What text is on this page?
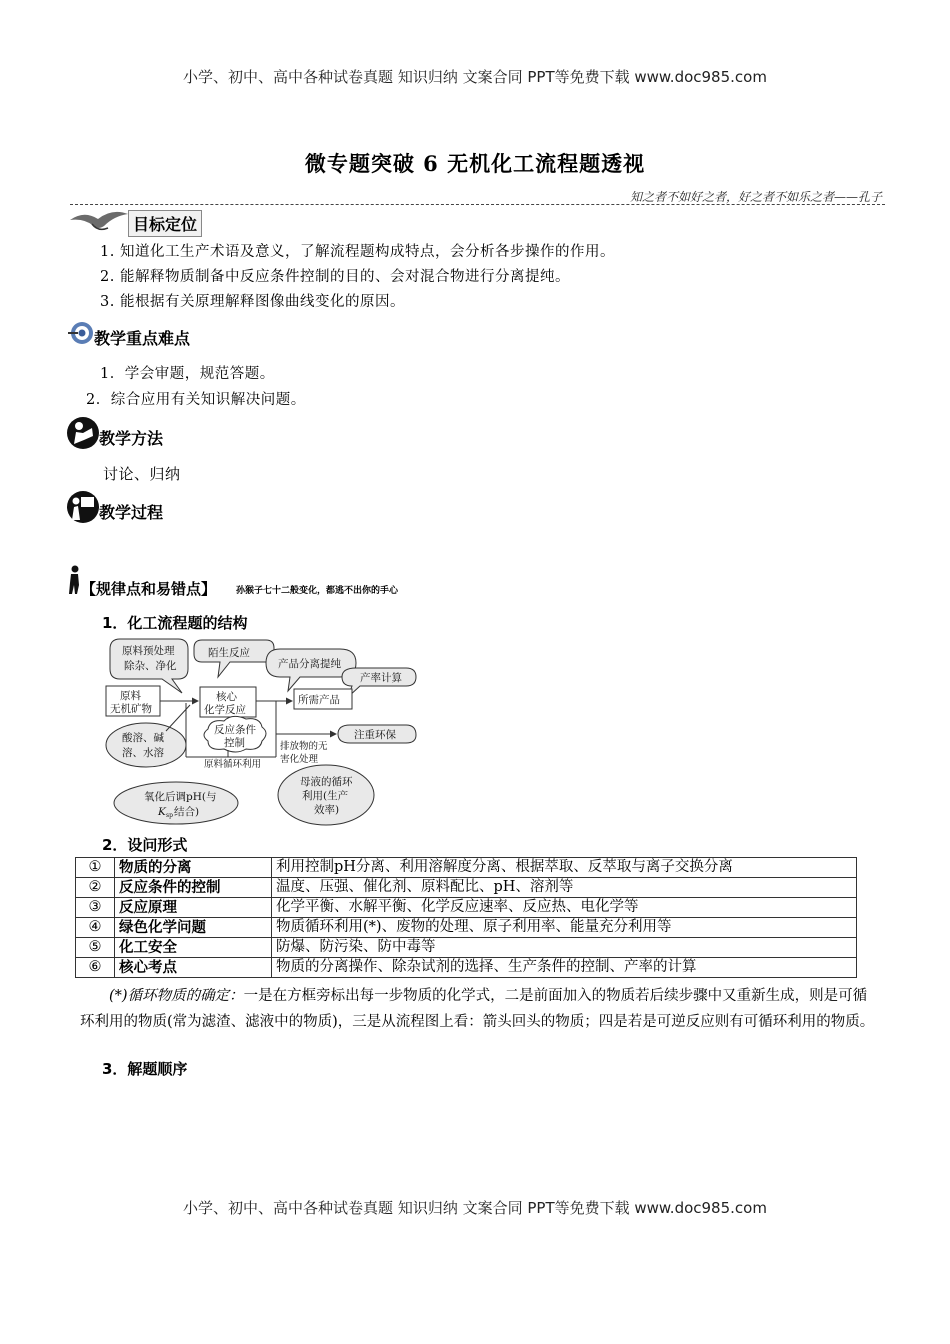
小学、初中、高中各种试卷真题 知识归纳 文案合同 PPT等免费下载 www.doc985.com
小学、初中、高中各种试卷真题 知识归纳 文案合同 PPT等免费下载 www.doc985.com
微专题突破 6 无机化工流程题透视
知之者不如好之者，好之者不如乐之者——孔子
目标定位
1. 知道化工生产术语及意义，了解流程题构成特点，会分析各步操作的作用。
2. 能解释物质制备中反应条件控制的目的、会对混合物进行分离提纯。
3. 能根据有关原理解释图像曲线变化的原因。
教学重点难点
1．学会审题，规范答题。
2．综合应用有关知识解决问题。
教学方法
讨论、归纳
教学过程
【规律点和易错点】 孙猴子七十二般变化，都逃不出你的手心
1．化工流程题的结构
原料预处理
除杂、净化
陌生反应
产品分离提纯
产率计算
原料
无机矿物
核心
化学反应
所需产品
反应条件
控制
酸溶、碱
溶、水溶
注重环保
排放物的无
害化处理
原料循环利用
氧化后调pH(与
K sp 结合)
母液的循环
利用(生产
效率)
2．设问形式
①	物质的分离	利用控制pH分离、利用溶解度分离、根据萃取、反萃取与离子交换分离
②	反应条件的控制	温度、压强、催化剂、原料配比、pH、溶剂等
③	反应原理	化学平衡、水解平衡、化学反应速率、反应热、电化学等
④	绿色化学问题	物质循环利用(*)、废物的处理、原子利用率、能量充分利用等
⑤	化工安全	防爆、防污染、防中毒等
⑥	核心考点	物质的分离操作、除杂试剂的选择、生产条件的控制、产率的计算
(*)循环物质的确定：一是在方框旁标出每一步物质的化学式，二是前面加入的物质若后续步骤中又重新生成，则是可循环利用的物质(常为滤渣、滤液中的物质)，三是从流程图上看：箭头回头的物质；四是若是可逆反应则有可循环利用的物质。
3．解题顺序
